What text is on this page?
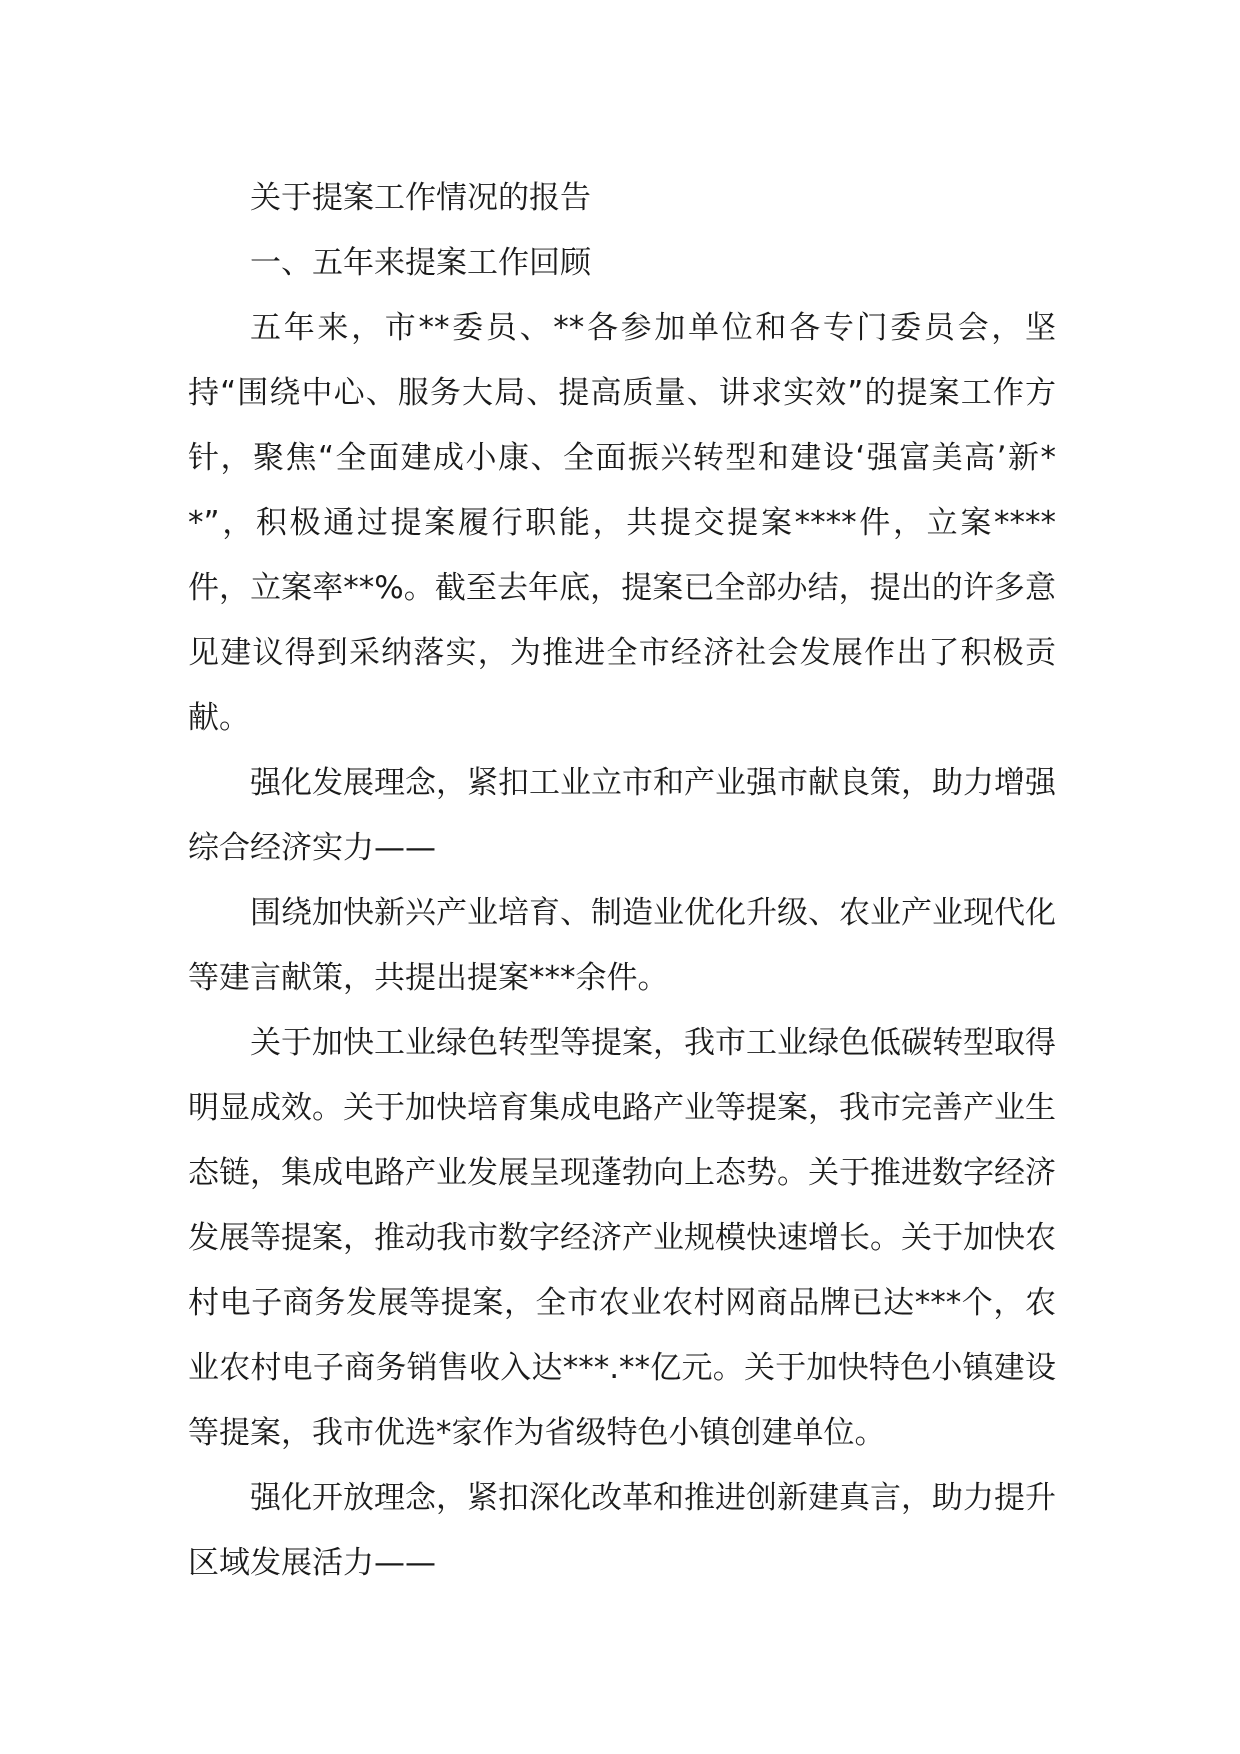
关于提案工作情况的报告

一、五年来提案工作回顾

五年来，市**委员、**各参加单位和各专门委员会，坚持“围绕中心、服务大局、提高质量、讲求实效”的提案工作方针，聚焦“全面建成小康、全面振兴转型和建设‘强富美高’新**”，积极通过提案履行职能，共提交提案****件，立案****件，立案率**%。截至去年底，提案已全部办结，提出的许多意见建议得到采纳落实，为推进全市经济社会发展作出了积极贡献。

强化发展理念，紧扣工业立市和产业强市献良策，助力增强综合经济实力——

围绕加快新兴产业培育、制造业优化升级、农业产业现代化等建言献策，共提出提案***余件。

关于加快工业绿色转型等提案，我市工业绿色低碳转型取得明显成效。关于加快培育集成电路产业等提案，我市完善产业生态链，集成电路产业发展呈现蓬勃向上态势。关于推进数字经济发展等提案，推动我市数字经济产业规模快速增长。关于加快农村电子商务发展等提案，全市农业农村网商品牌已达***个，农业农村电子商务销售收入达***.**亿元。关于加快特色小镇建设等提案，我市优选*家作为省级特色小镇创建单位。

强化开放理念，紧扣深化改革和推进创新建真言，助力提升区域发展活力——
